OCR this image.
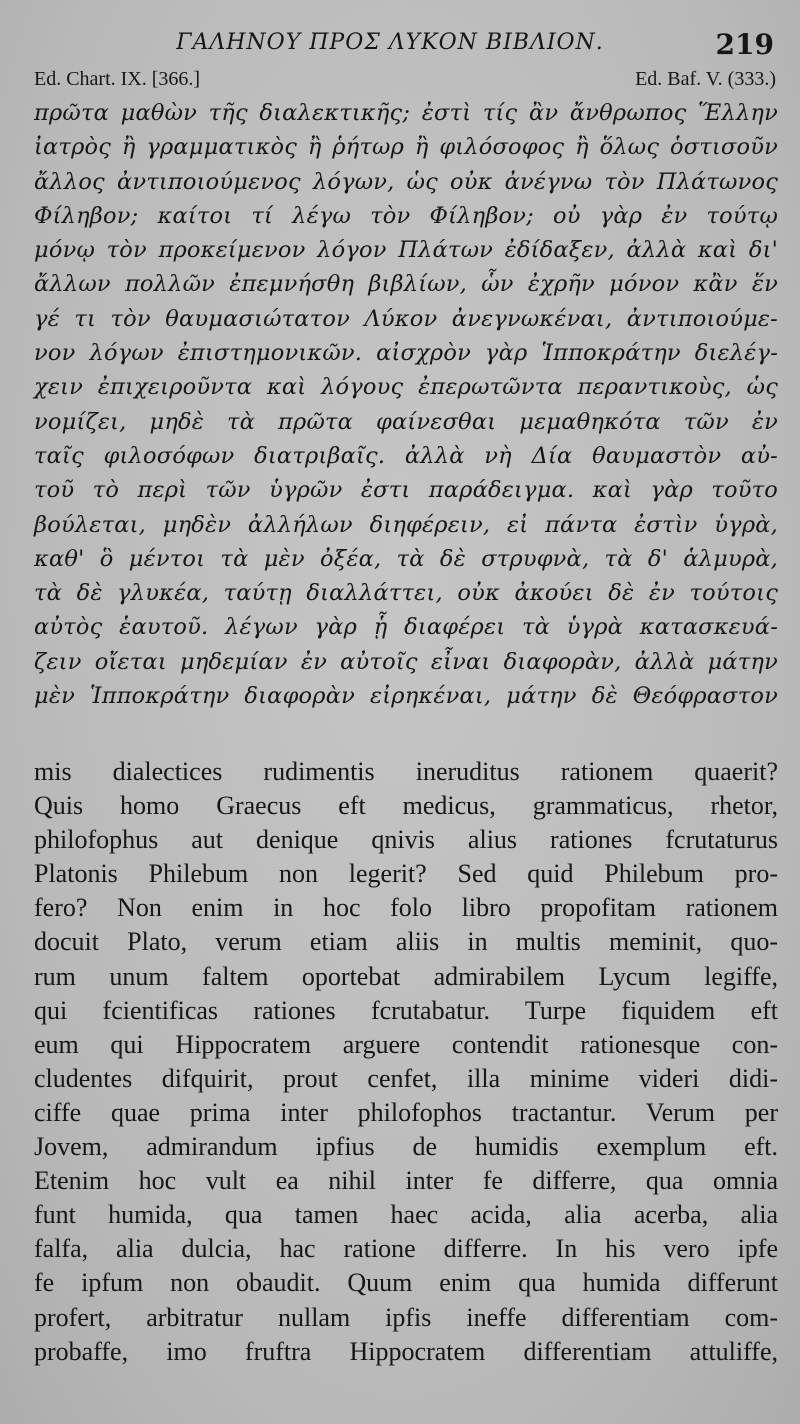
ΓΑΛΗΝΟΥ ΠΡΟΣ ΛΥΚΟΝ ΒΙΒΛΙΟΝ.	219
Ed. Chart. IX. [366.]	Ed. Baf. V. (333.)
πρῶτα μαθὼν τῆς διαλεκτικῆς; ἐστὶ τίς ἂν ἄνθρωπος Ἕλλην
ἰατρὸς ἢ γραμματικὸς ἢ ῥήτωρ ἢ φιλόσοφος ἢ ὅλως ὁστισοῦν
ἄλλος ἀντιποιούμενος λόγων, ὡς οὐκ ἀνέγνω τὸν Πλάτωνος
Φίληβον; καίτοι τί λέγω τὸν Φίληβον; οὐ γὰρ ἐν τούτῳ
μόνῳ τὸν προκείμενον λόγον Πλάτων ἐδίδαξεν, ἀλλὰ καὶ δι'
ἄλλων πολλῶν ἐπεμνήσθη βιβλίων, ὧν ἐχρῆν μόνον κἂν ἕν
γέ τι τὸν θαυμασιώτατον Λύκον ἀνεγνωκέναι, ἀντιποιούμε-
νον λόγων ἐπιστημονικῶν. αἰσχρὸν γὰρ Ἱπποκράτην διελέγ-
χειν ἐπιχειροῦντα καὶ λόγους ἐπερωτῶντα περαντικοὺς, ὡς
νομίζει, μηδὲ τὰ πρῶτα φαίνεσθαι μεμαθηκότα τῶν ἐν
ταῖς φιλοσόφων διατριβαῖς. ἀλλὰ νὴ Δία θαυμαστὸν αὐ-
τοῦ τὸ περὶ τῶν ὑγρῶν ἐστι παράδειγμα. καὶ γὰρ τοῦτο
βούλεται, μηδὲν ἀλλήλων διηφέρειν, εἰ πάντα ἐστὶν ὑγρὰ,
καθ' ὃ μέντοι τὰ μὲν ὀξέα, τὰ δὲ στρυφνὰ, τὰ δ' ἁλμυρὰ,
τὰ δὲ γλυκέα, ταύτῃ διαλλάττει, οὐκ ἀκούει δὲ ἐν τούτοις
αὐτὸς ἑαυτοῦ. λέγων γὰρ ᾗ διαφέρει τὰ ὑγρὰ κατασκευά-
ζειν οἴεται μηδεμίαν ἐν αὐτοῖς εἶναι διαφορὰν, ἀλλὰ μάτην
μὲν Ἱπποκράτην διαφορὰν εἰρηκέναι, μάτην δὲ Θεόφραστον
mis dialectices rudimentis ineruditus rationem quaerit?
Quis homo Graecus eft medicus, grammaticus, rhetor,
philofophus aut denique qnivis alius rationes fcrutaturus
Platonis Philebum non legerit? Sed quid Philebum pro-
fero? Non enim in hoc folo libro propofitam rationem
docuit Plato, verum etiam aliis in multis meminit, quo-
rum unum faltem oportebat admirabilem Lycum legiffe,
qui fcientificas rationes fcrutabatur. Turpe fiquidem eft
eum qui Hippocratem arguere contendit rationesque con-
cludentes difquirit, prout cenfet, illa minime videri didi-
ciffe quae prima inter philofophos tractantur. Verum per
Jovem, admirandum ipfius de humidis exemplum eft.
Etenim hoc vult ea nihil inter fe differre, qua omnia
funt humida, qua tamen haec acida, alia acerba, alia
falfa, alia dulcia, hac ratione differre. In his vero ipfe
fe ipfum non obaudit. Quum enim qua humida differunt
profert, arbitratur nullam ipfis ineffe differentiam com-
probaffe, imo fruftra Hippocratem differentiam attuliffe,
